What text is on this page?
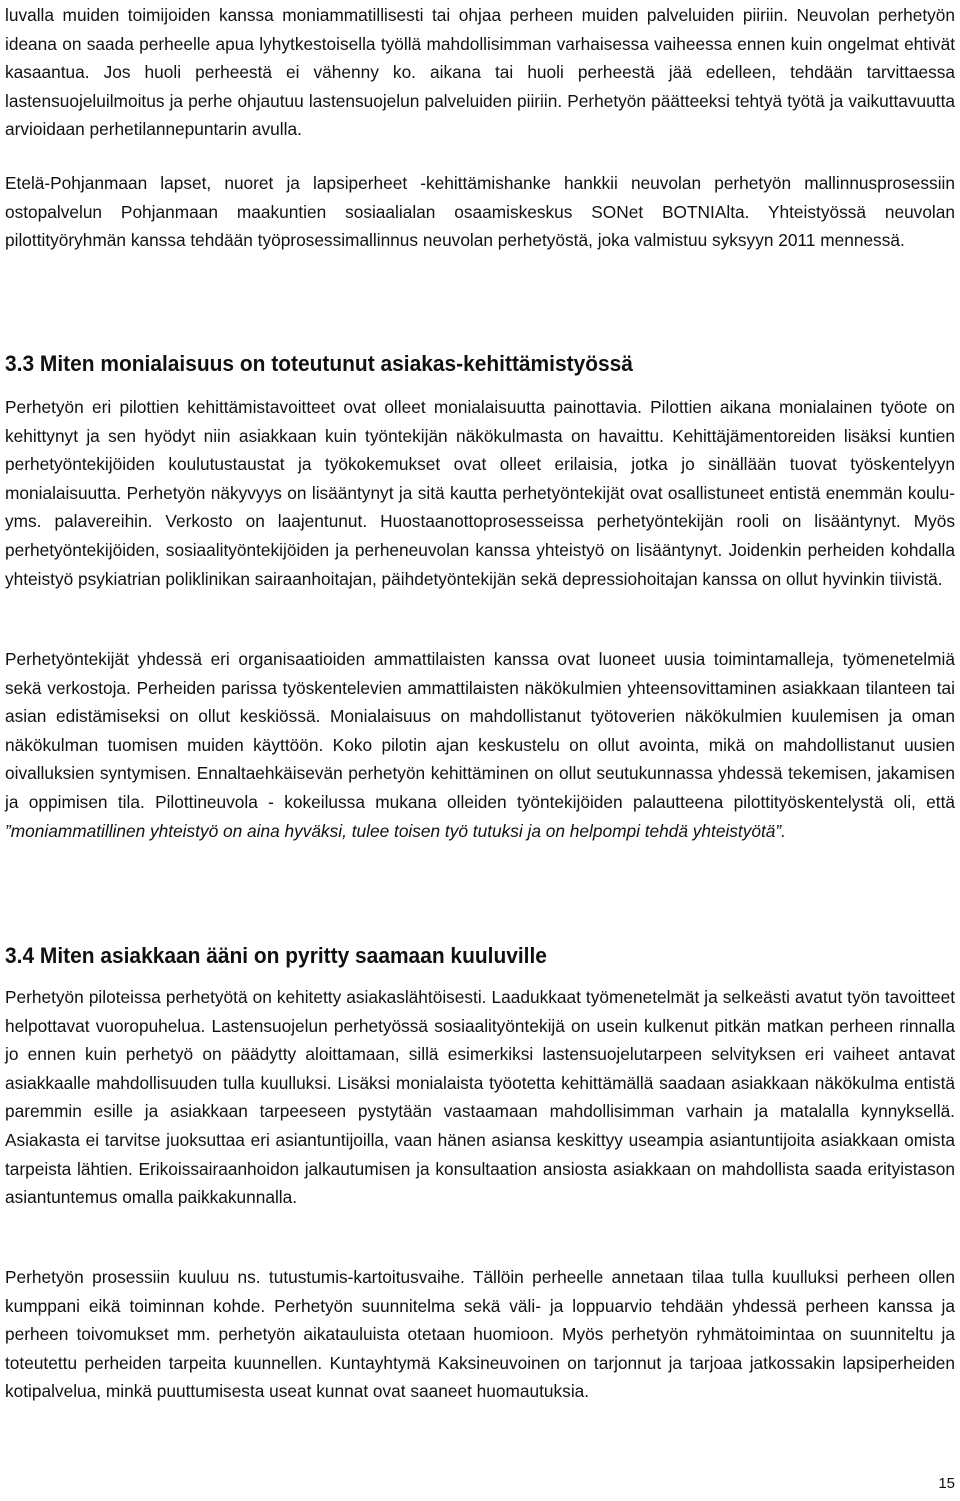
luvalla muiden toimijoiden kanssa moniammatillisesti tai ohjaa perheen muiden palveluiden piiriin. Neuvolan perhetyön ideana on saada perheelle apua lyhytkestoisella työllä mahdollisimman varhaisessa vaiheessa ennen kuin ongelmat ehtivät kasaantua. Jos huoli perheestä ei vähenny ko. aikana tai huoli perheestä jää edelleen, tehdään tarvittaessa lastensuojeluilmoitus ja perhe ohjautuu lastensuojelun palveluiden piiriin. Perhetyön päätteeksi tehtyä työtä ja vaikuttavuutta arvioidaan perhetilannepuntarin avulla.

Etelä-Pohjanmaan lapset, nuoret ja lapsiperheet -kehittämishanke hankkii neuvolan perhetyön mallinnusprosessiin ostopalvelun Pohjanmaan maakuntien sosiaalialan osaamiskeskus SONet BOTNIAlta. Yhteistyössä neuvolan pilottityöryhmän kanssa tehdään työprosessimallinnus neuvolan perhetyöstä, joka valmistuu syksyyn 2011 mennessä.

3.3 Miten monialaisuus on toteutunut asiakas-kehittämistyössä

Perhetyön eri pilottien kehittämistavoitteet ovat olleet monialaisuutta painottavia. Pilottien aikana monialainen työote on kehittynyt ja sen hyödyt niin asiakkaan kuin työntekijän näkökulmasta on havaittu. Kehittäjämentoreiden lisäksi kuntien perhetyöntekijöiden koulutustaustat ja työkokemukset ovat olleet erilaisia, jotka jo sinällään tuovat työskentelyyn monialaisuutta. Perhetyön näkyvyys on lisääntynyt ja sitä kautta perhetyöntekijät ovat osallistuneet entistä enemmän koulu- yms. palavereihin. Verkosto on laajentunut. Huostaanottoprosesseissa perhetyöntekijän rooli on lisääntynyt. Myös perhetyöntekijöiden, sosiaalityöntekijöiden ja perheneuvolan kanssa yhteistyö on lisääntynyt. Joidenkin perheiden kohdalla yhteistyö psykiatrian poliklinikan sairaanhoitajan, päihdetyöntekijän sekä depressiohoitajan kanssa on ollut hyvinkin tiivistä.

Perhetyöntekijät yhdessä eri organisaatioiden ammattilaisten kanssa ovat luoneet uusia toimintamalleja, työmenetelmiä sekä verkostoja. Perheiden parissa työskentelevien ammattilaisten näkökulmien yhteensovittaminen asiakkaan tilanteen tai asian edistämiseksi on ollut keskiössä. Monialaisuus on mahdollistanut työtoverien näkökulmien kuulemisen ja oman näkökulman tuomisen muiden käyttöön. Koko pilotin ajan keskustelu on ollut avointa, mikä on mahdollistanut uusien oivalluksien syntymisen. Ennaltaehkäisevän perhetyön kehittäminen on ollut seutukunnassa yhdessä tekemisen, jakamisen ja oppimisen tila. Pilottineuvola - kokeilussa mukana olleiden työntekijöiden palautteena pilottityöskentelystä oli, että ”moniammatillinen yhteistyö on aina hyväksi, tulee toisen työ tutuksi ja on helpompi tehdä yhteistyötä”.

3.4 Miten asiakkaan ääni on pyritty saamaan kuuluville

Perhetyön piloteissa perhetyötä on kehitetty asiakaslähtöisesti. Laadukkaat työmenetelmät ja selkeästi avatut työn tavoitteet helpottavat vuoropuhelua. Lastensuojelun perhetyössä sosiaalityöntekijä on usein kulkenut pitkän matkan perheen rinnalla jo ennen kuin perhetyö on päädytty aloittamaan, sillä esimerkiksi lastensuojelutarpeen selvityksen eri vaiheet antavat asiakkaalle mahdollisuuden tulla kuulluksi. Lisäksi monialaista työotetta kehittämällä saadaan asiakkaan näkökulma entistä paremmin esille ja asiakkaan tarpeeseen pystytään vastaamaan mahdollisimman varhain ja matalalla kynnyksellä. Asiakasta ei tarvitse juoksuttaa eri asiantuntijoilla, vaan hänen asiansa keskittyy useampia asiantuntijoita asiakkaan omista tarpeista lähtien. Erikoissairaanhoidon jalkautumisen ja konsultaation ansiosta asiakkaan on mahdollista saada erityistason asiantuntemus omalla paikkakunnalla.

Perhetyön prosessiin kuuluu ns. tutustumis-kartoitusvaihe. Tällöin perheelle annetaan tilaa tulla kuulluksi perheen ollen kumppani eikä toiminnan kohde. Perhetyön suunnitelma sekä väli- ja loppuarvio tehdään yhdessä perheen kanssa ja perheen toivomukset mm. perhetyön aikatauluista otetaan huomioon. Myös perhetyön ryhmätoimintaa on suunniteltu ja toteutettu perheiden tarpeita kuunnellen. Kuntayhtymä Kaksineuvoinen on tarjonnut ja tarjoaa jatkossakin lapsiperheiden kotipalvelua, minkä puuttumisesta useat kunnat ovat saaneet huomautuksia.

15
